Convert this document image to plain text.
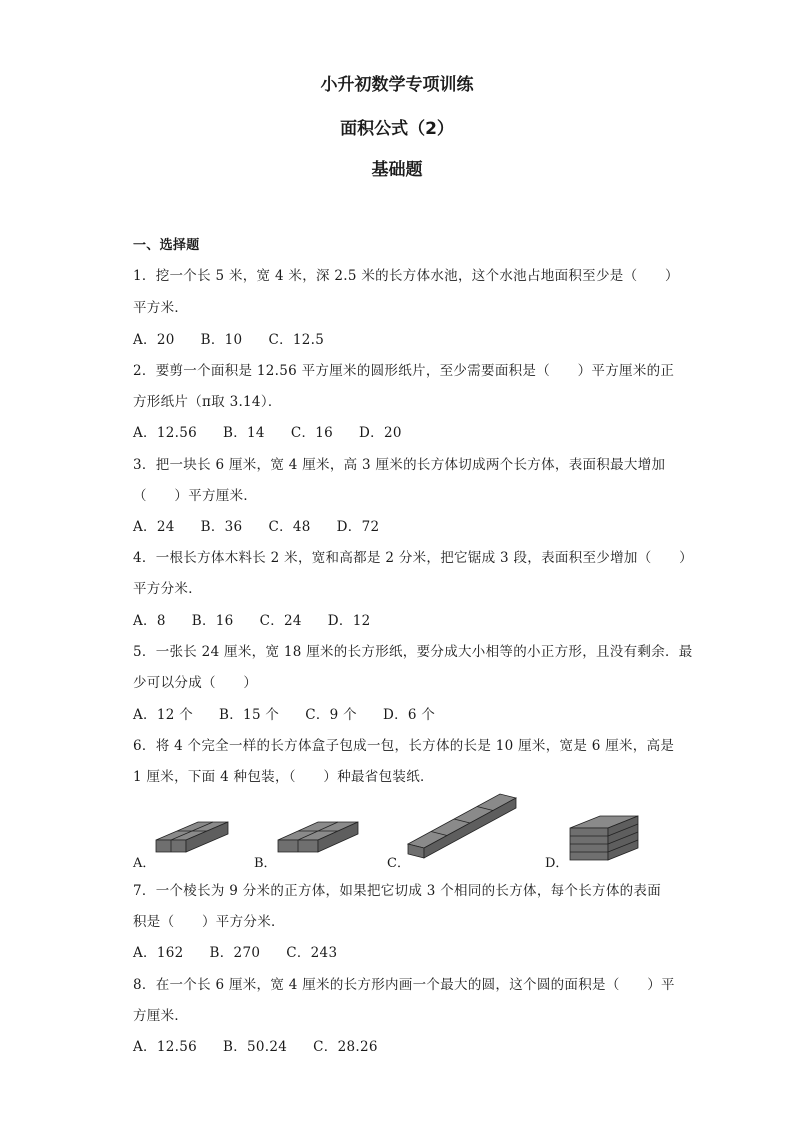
小升初数学专项训练
面积公式（2）
基础题
一、选择题
1．挖一个长 5 米，宽 4 米，深 2.5 米的长方体水池，这个水池占地面积至少是（　　）
平方米．
A．20 B．10 C．12.5
2．要剪一个面积是 12.56 平方厘米的圆形纸片，至少需要面积是（　　）平方厘米的正
方形纸片（π取 3.14）．
A．12.56 B．14 C．16 D．20
3．把一块长 6 厘米，宽 4 厘米，高 3 厘米的长方体切成两个长方体，表面积最大增加
（　　）平方厘米．
A．24 B．36 C．48 D．72
4．一根长方体木料长 2 米，宽和高都是 2 分米，把它锯成 3 段，表面积至少增加（　　）
平方分米．
A．8 B．16 C．24 D．12
5．一张长 24 厘米，宽 18 厘米的长方形纸，要分成大小相等的小正方形，且没有剩余．最
少可以分成（　　）
A．12 个 B．15 个 C．9 个 D．6 个
6．将 4 个完全一样的长方体盒子包成一包，长方体的长是 10 厘米，宽是 6 厘米，高是
1 厘米，下面 4 种包装，（　　）种最省包装纸．
A．	B．	C．	D．
7．一个棱长为 9 分米的正方体，如果把它切成 3 个相同的长方体，每个长方体的表面
积是（　　）平方分米．
A．162 B．270 C．243
8．在一个长 6 厘米，宽 4 厘米的长方形内画一个最大的圆，这个圆的面积是（　　）平
方厘米．
A．12.56 B．50.24 C．28.26
